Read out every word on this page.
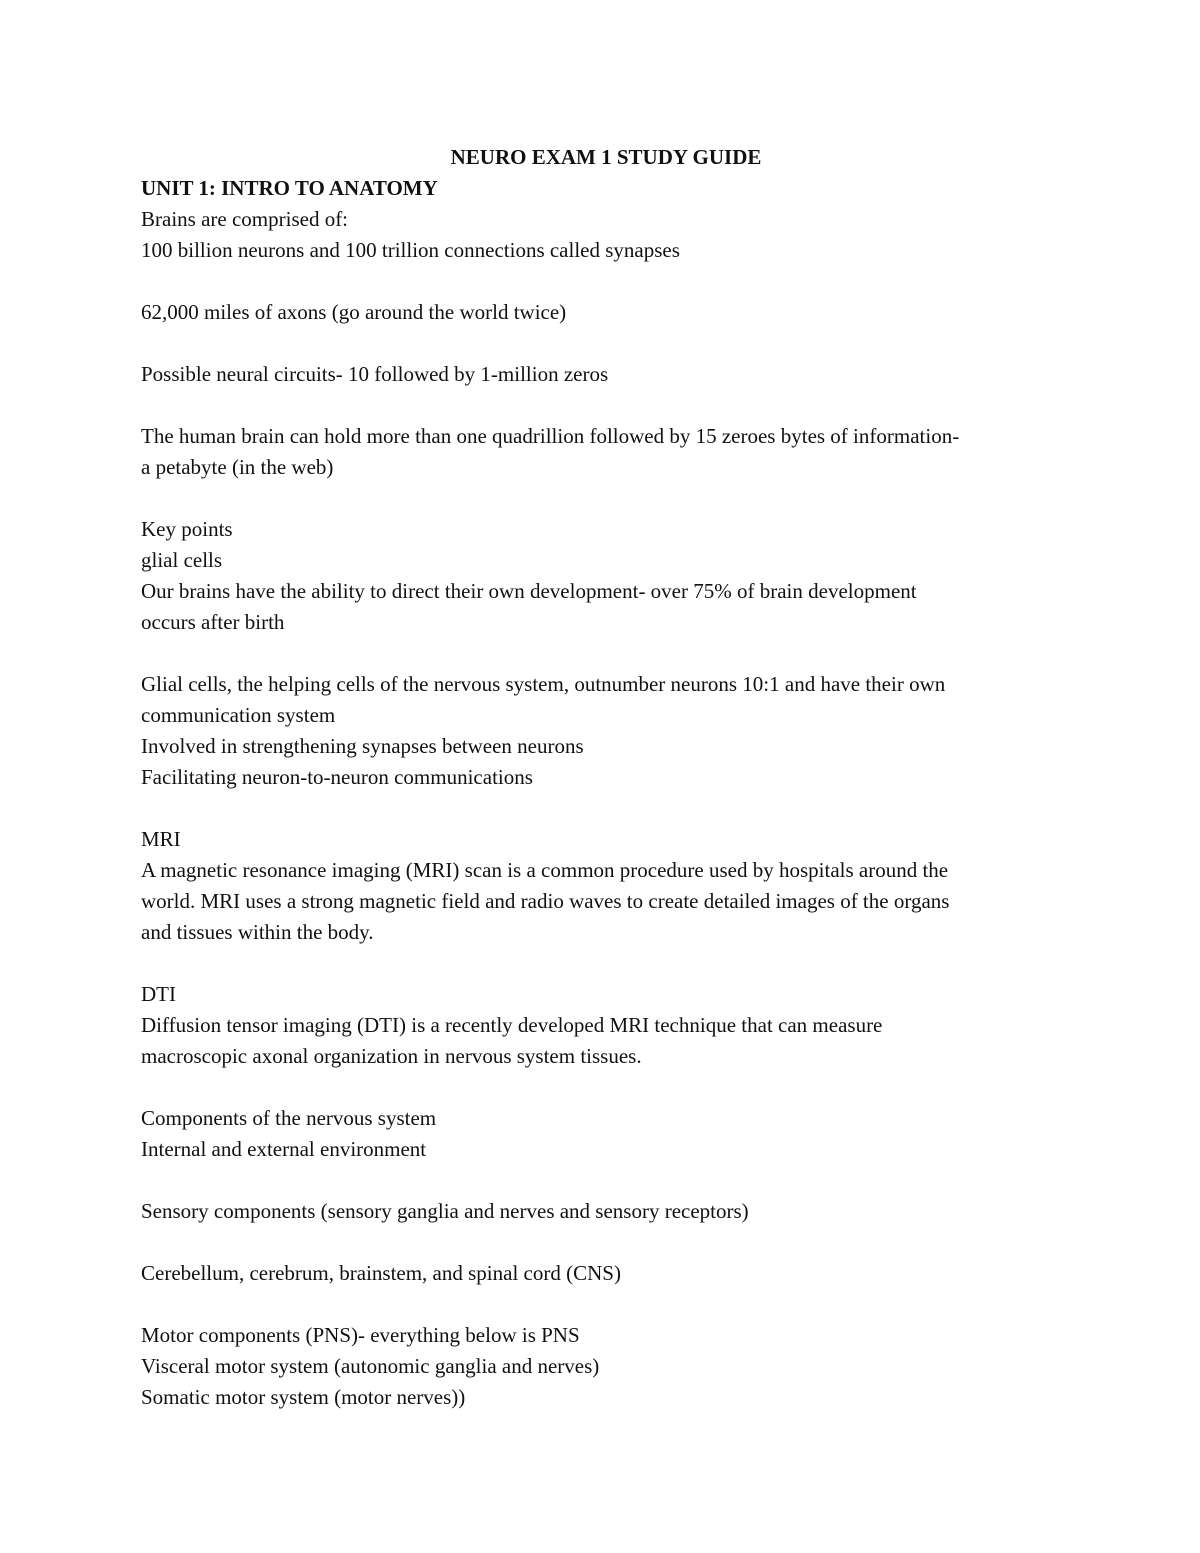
NEURO EXAM 1 STUDY GUIDE

UNIT 1: INTRO TO ANATOMY

Brains are comprised of:

100 billion neurons and 100 trillion connections called synapses

62,000 miles of axons (go around the world twice)

Possible neural circuits- 10 followed by 1-million zeros

The human brain can hold more than one quadrillion followed by 15 zeroes bytes of information-

a petabyte (in the web)

Key points

glial cells

Our brains have the ability to direct their own development- over 75% of brain development

occurs after birth

Glial cells, the helping cells of the nervous system, outnumber neurons 10:1 and have their own

communication system

Involved in strengthening synapses between neurons

Facilitating neuron-to-neuron communications

MRI

A magnetic resonance imaging (MRI) scan is a common procedure used by hospitals around the

world. MRI uses a strong magnetic field and radio waves to create detailed images of the organs

and tissues within the body.

DTI

Diffusion tensor imaging (DTI) is a recently developed MRI technique that can measure

macroscopic axonal organization in nervous system tissues.

Components of the nervous system

Internal and external environment

Sensory components (sensory ganglia and nerves and sensory receptors)

Cerebellum, cerebrum, brainstem, and spinal cord (CNS)

Motor components (PNS)- everything below is PNS

Visceral motor system (autonomic ganglia and nerves)

Somatic motor system (motor nerves))
